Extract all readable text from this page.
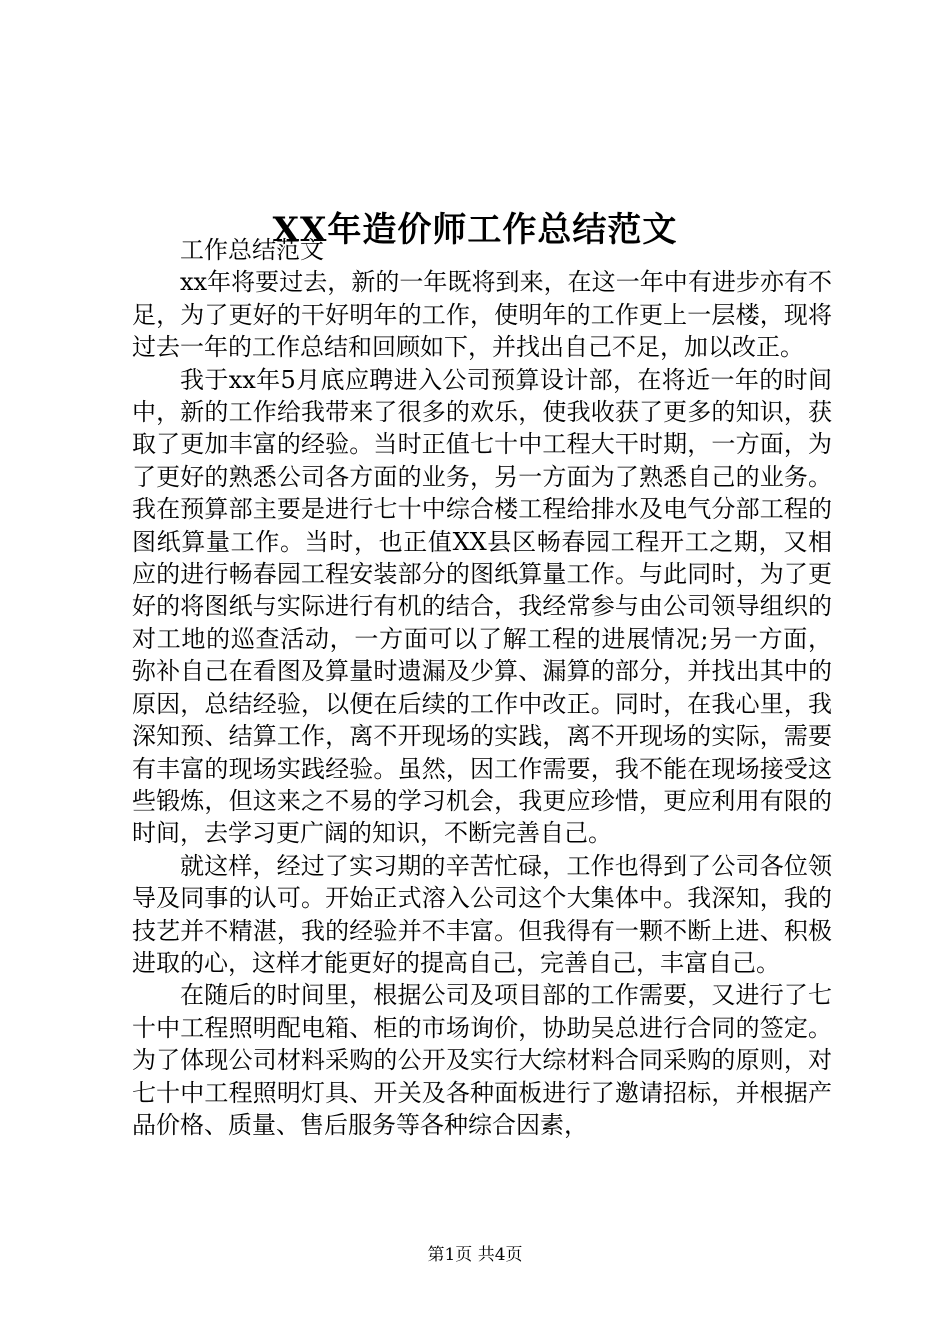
XX年造价师工作总结范文

工作总结范文

xx年将要过去，新的一年既将到来，在这一年中有进步亦有不足，为了更好的干好明年的工作，使明年的工作更上一层楼，现将过去一年的工作总结和回顾如下，并找出自己不足，加以改正。

我于xx年5月底应聘进入公司预算设计部，在将近一年的时间中，新的工作给我带来了很多的欢乐，使我收获了更多的知识，获取了更加丰富的经验。当时正值七十中工程大干时期，一方面，为了更好的熟悉公司各方面的业务，另一方面为了熟悉自己的业务。我在预算部主要是进行七十中综合楼工程给排水及电气分部工程的图纸算量工作。当时，也正值XX县区畅春园工程开工之期，又相应的进行畅春园工程安装部分的图纸算量工作。与此同时，为了更好的将图纸与实际进行有机的结合，我经常参与由公司领导组织的对工地的巡查活动，一方面可以了解工程的进展情况;另一方面，弥补自己在看图及算量时遗漏及少算、漏算的部分，并找出其中的原因，总结经验，以便在后续的工作中改正。同时，在我心里，我深知预、结算工作，离不开现场的实践，离不开现场的实际，需要有丰富的现场实践经验。虽然，因工作需要，我不能在现场接受这些锻炼，但这来之不易的学习机会，我更应珍惜，更应利用有限的时间，去学习更广阔的知识，不断完善自己。

就这样，经过了实习期的辛苦忙碌，工作也得到了公司各位领导及同事的认可。开始正式溶入公司这个大集体中。我深知，我的技艺并不精湛，我的经验并不丰富。但我得有一颗不断上进、积极进取的心，这样才能更好的提高自己，完善自己，丰富自己。

在随后的时间里，根据公司及项目部的工作需要，又进行了七十中工程照明配电箱、柜的市场询价，协助吴总进行合同的签定。为了体现公司材料采购的公开及实行大综材料合同采购的原则，对七十中工程照明灯具、开关及各种面板进行了邀请招标，并根据产品价格、质量、售后服务等各种综合因素，

第1页 共4页
